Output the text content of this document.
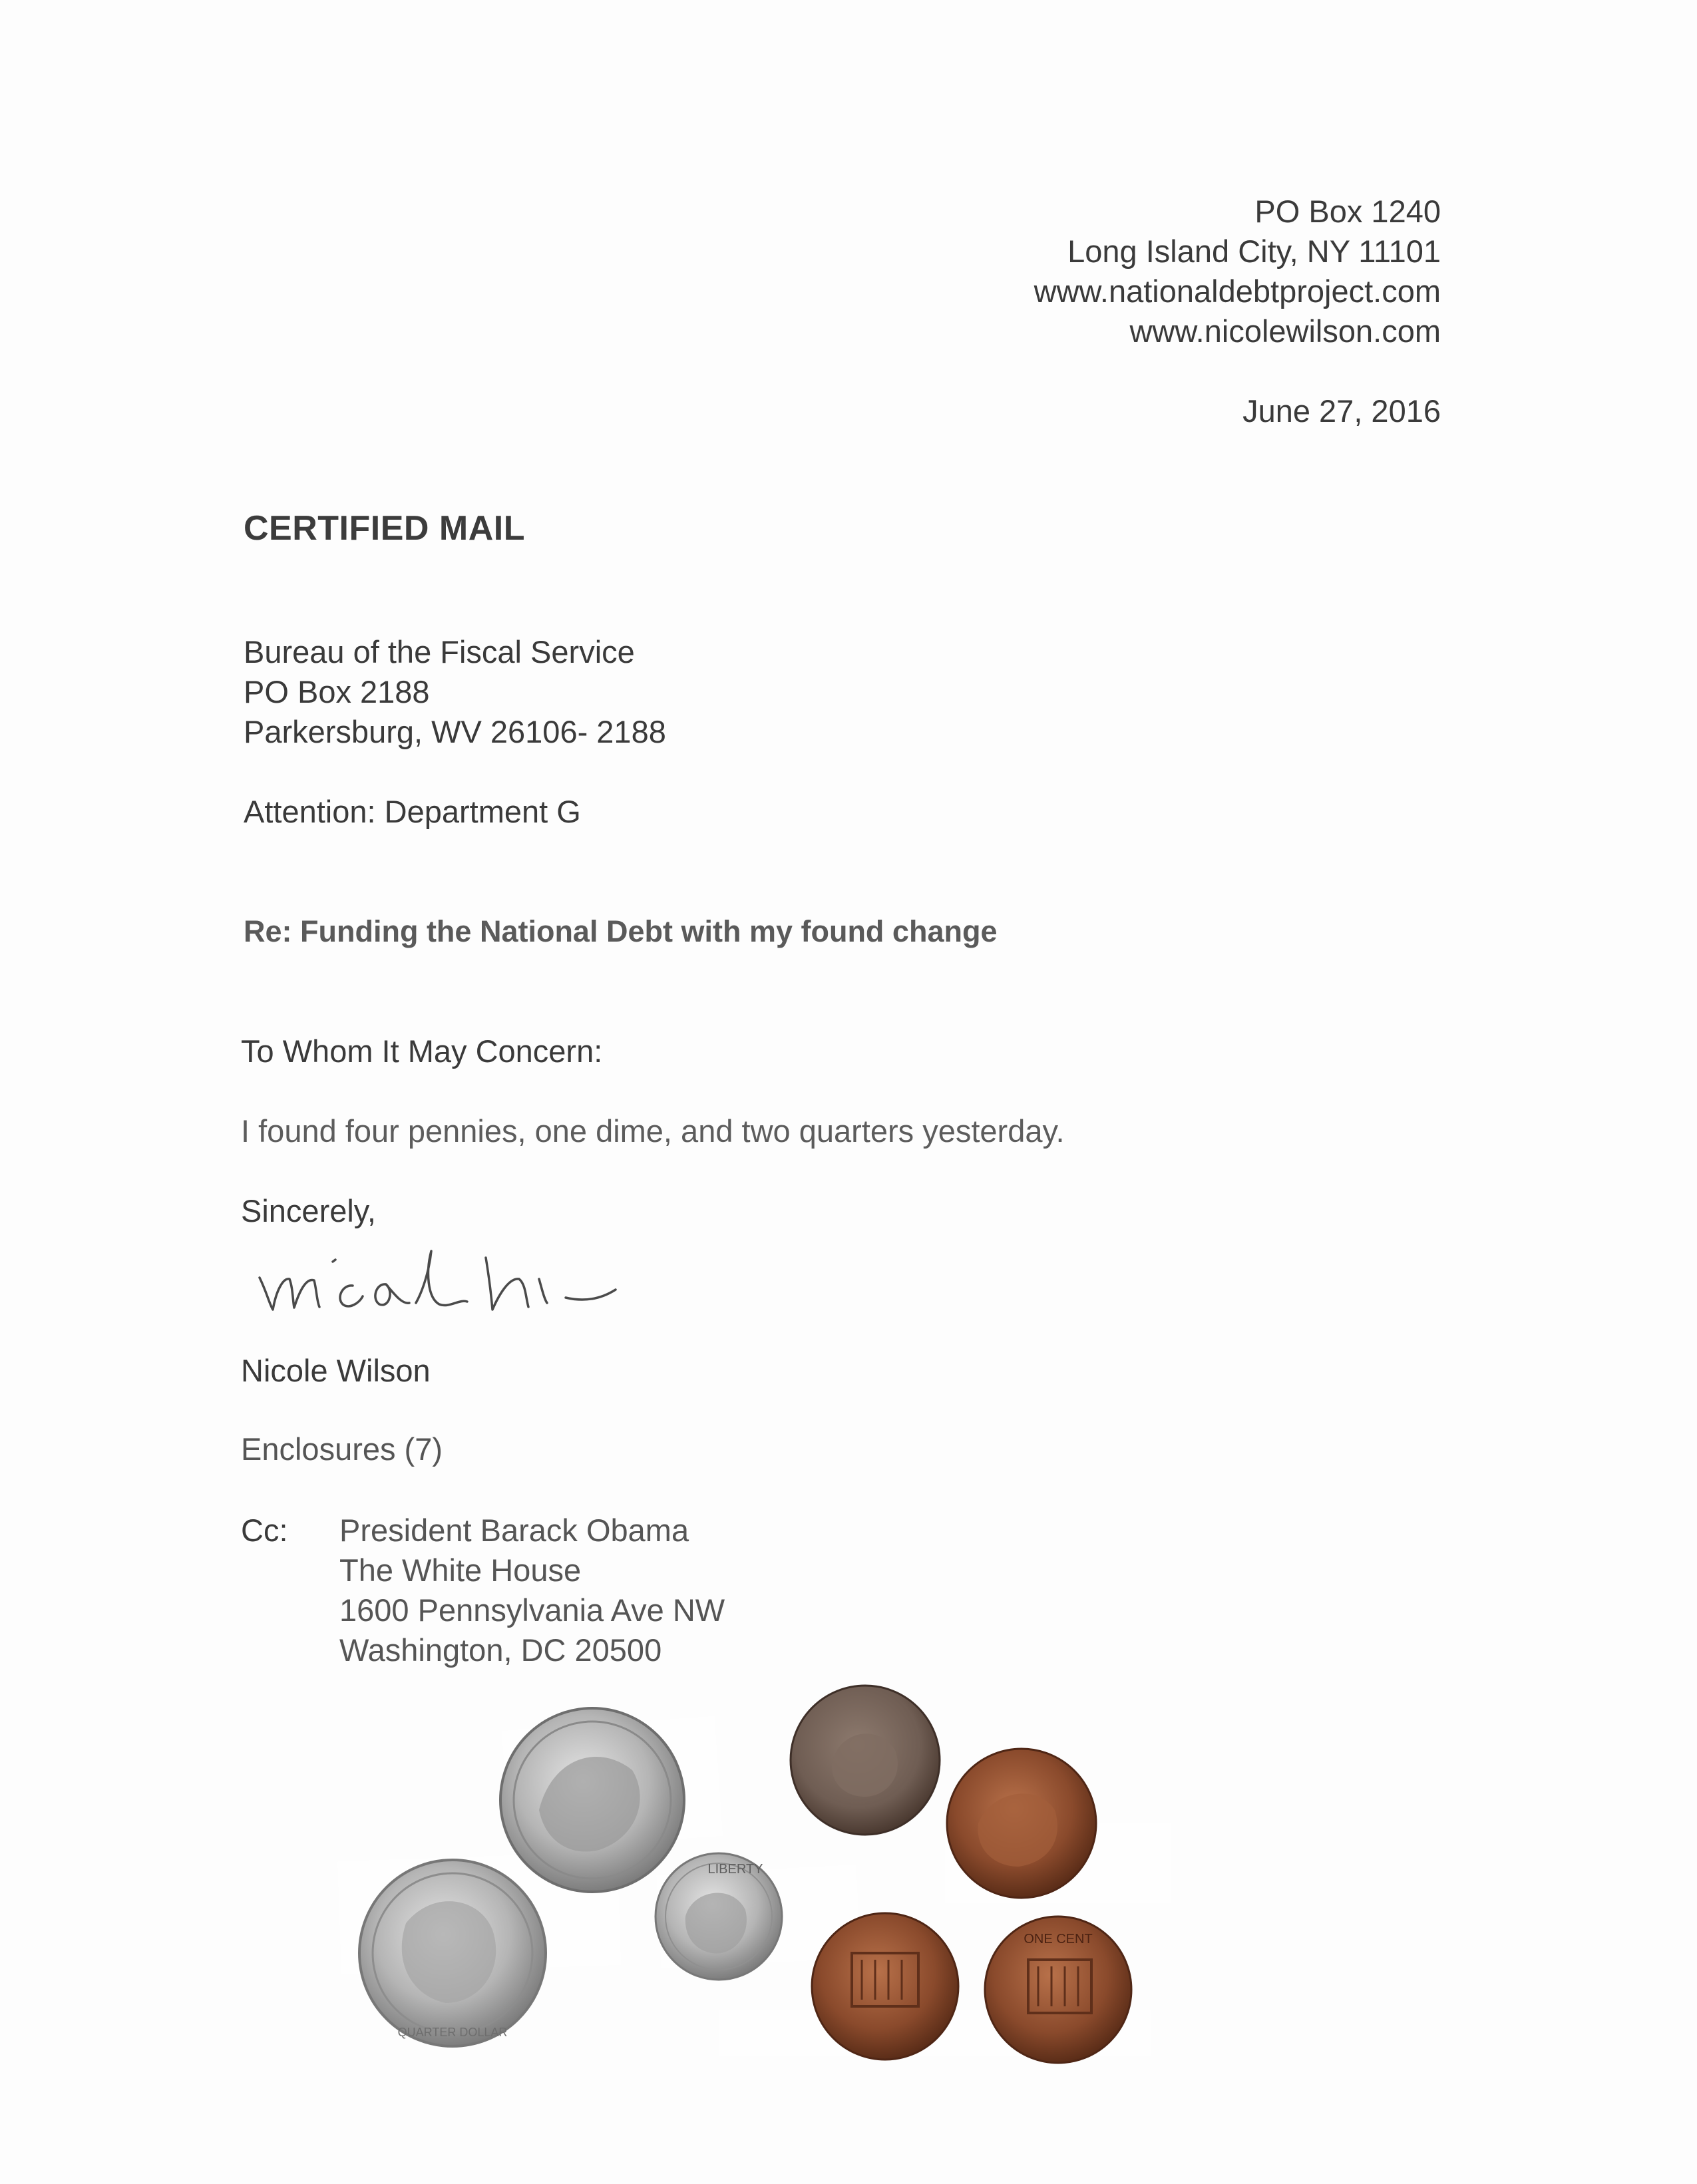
PO Box 1240
Long Island City, NY 11101
www.nationaldebtproject.com
www.nicolewilson.com
June 27, 2016
CERTIFIED MAIL
Bureau of the Fiscal Service
PO Box 2188
Parkersburg, WV 26106- 2188
Attention: Department G
Re: Funding the National Debt with my found change
To Whom It May Concern:
I found four pennies, one dime, and two quarters yesterday.
Sincerely,
Nicole Wilson
Enclosures (7)
Cc: President Barack Obama
The White House
1600 Pennsylvania Ave NW
Washington, DC 20500
QUARTER DOLLAR
LIBERTY
ONE CENT
